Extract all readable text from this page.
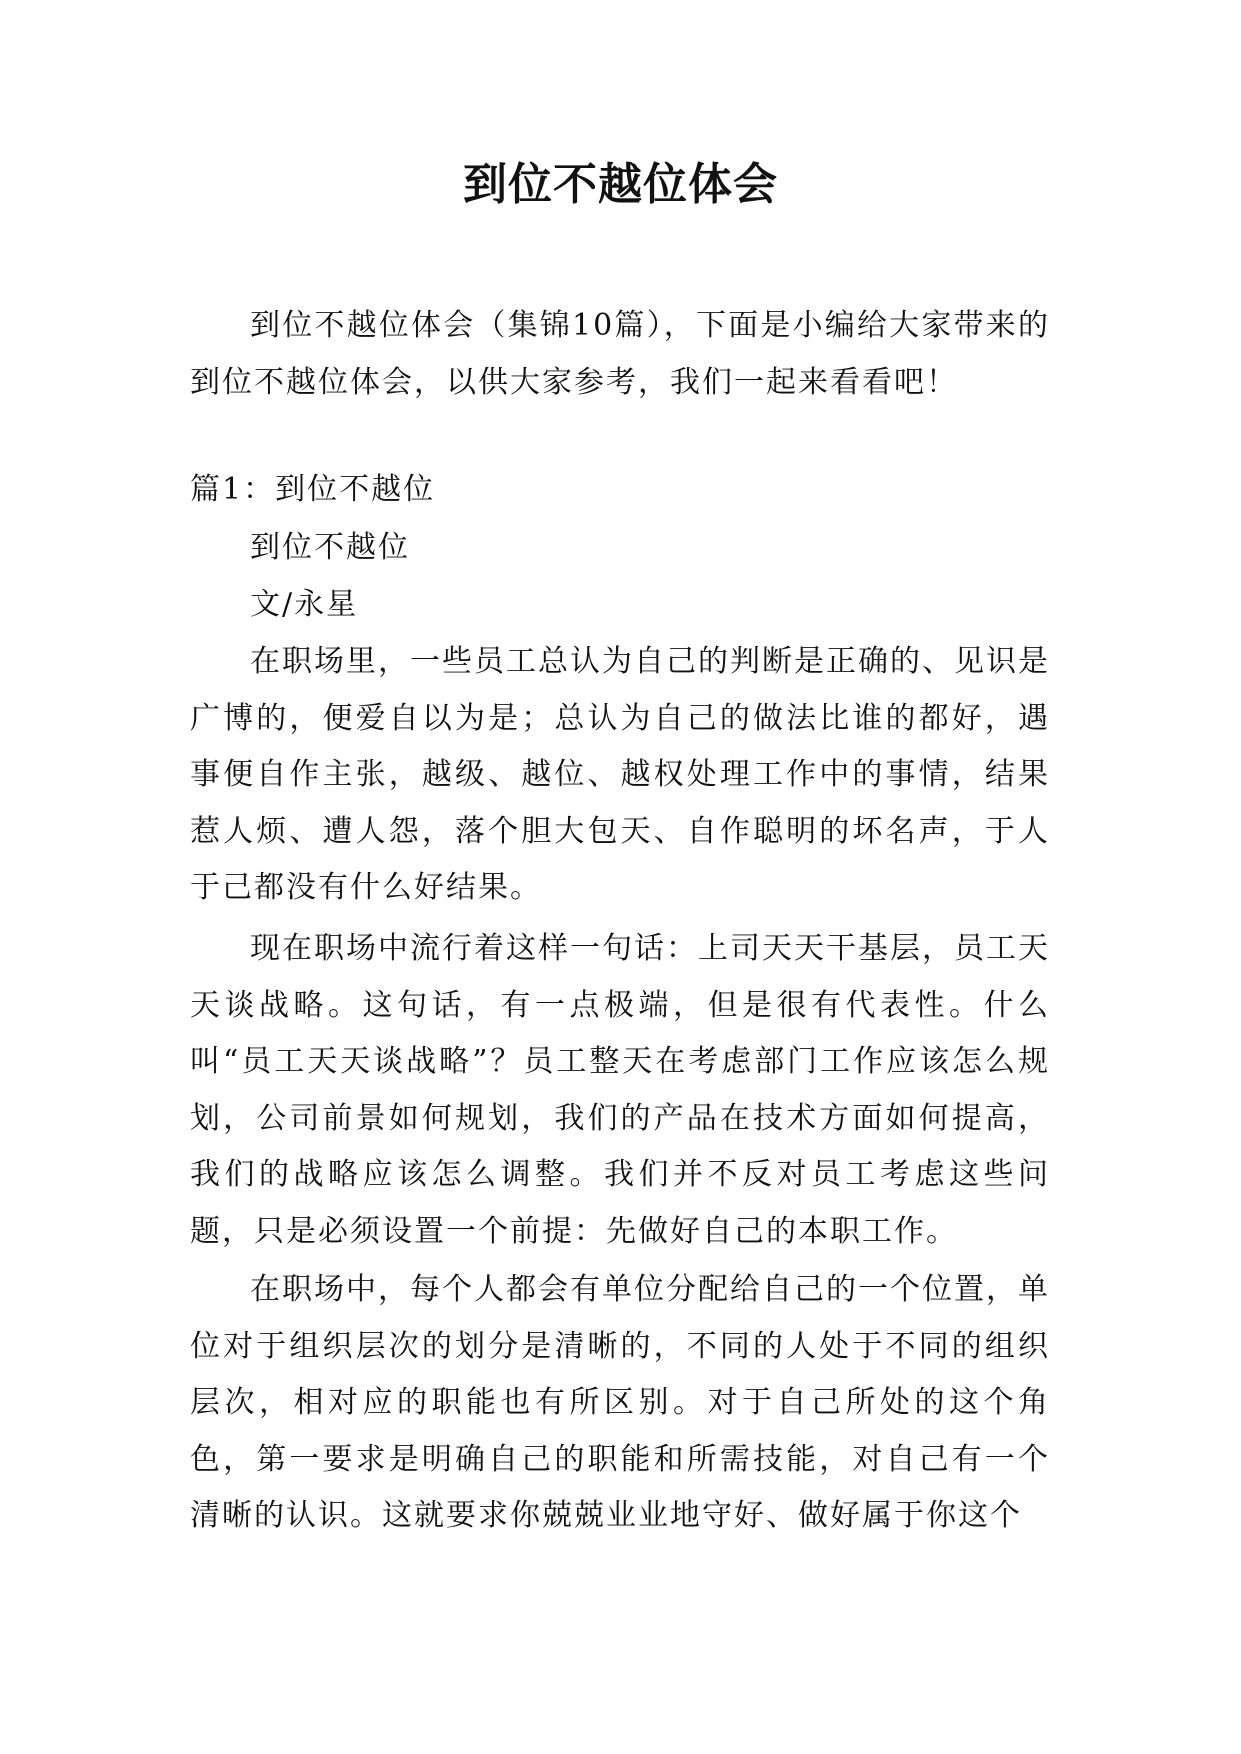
到位不越位体会

到位不越位体会（集锦10篇），下面是小编给大家带来的到位不越位体会，以供大家参考，我们一起来看看吧！

篇1：到位不越位

到位不越位

文/永星

在职场里，一些员工总认为自己的判断是正确的、见识是广博的，便爱自以为是；总认为自己的做法比谁的都好，遇事便自作主张，越级、越位、越权处理工作中的事情，结果惹人烦、遭人怨，落个胆大包天、自作聪明的坏名声，于人于己都没有什么好结果。

现在职场中流行着这样一句话：上司天天干基层，员工天天谈战略。这句话，有一点极端，但是很有代表性。什么叫“员工天天谈战略”？员工整天在考虑部门工作应该怎么规划，公司前景如何规划，我们的产品在技术方面如何提高，我们的战略应该怎么调整。我们并不反对员工考虑这些问题，只是必须设置一个前提：先做好自己的本职工作。

在职场中，每个人都会有单位分配给自己的一个位置，单位对于组织层次的划分是清晰的，不同的人处于不同的组织层次，相对应的职能也有所区别。对于自己所处的这个角色，第一要求是明确自己的职能和所需技能，对自己有一个清晰的认识。这就要求你兢兢业业地守好、做好属于你这个
